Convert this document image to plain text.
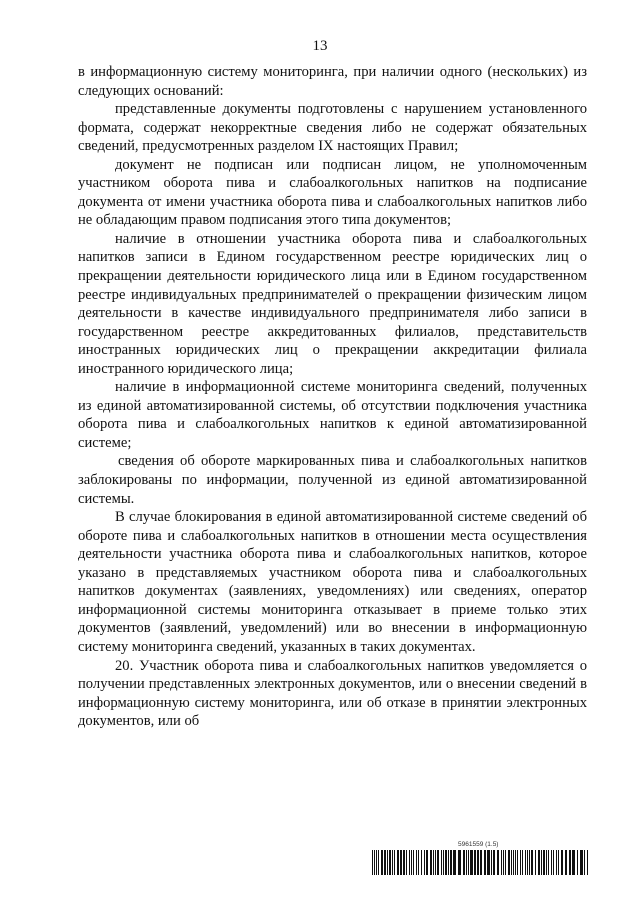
13

в информационную систему мониторинга, при наличии одного (нескольких) из следующих оснований:

представленные документы подготовлены с нарушением установленного формата, содержат некорректные сведения либо не содержат обязательных сведений, предусмотренных разделом IX настоящих Правил;

документ не подписан или подписан лицом, не уполномоченным участником оборота пива и слабоалкогольных напитков на подписание документа от имени участника оборота пива и слабоалкогольных напитков либо не обладающим правом подписания этого типа документов;

наличие в отношении участника оборота пива и слабоалкогольных напитков записи в Едином государственном реестре юридических лиц о прекращении деятельности юридического лица или в Едином государственном реестре индивидуальных предпринимателей о прекращении физическим лицом деятельности в качестве индивидуального предпринимателя либо записи в государственном реестре аккредитованных филиалов, представительств иностранных юридических лиц о прекращении аккредитации филиала иностранного юридического лица;

наличие в информационной системе мониторинга сведений, полученных из единой автоматизированной системы, об отсутствии подключения участника оборота пива и слабоалкогольных напитков к единой автоматизированной системе;

сведения об обороте маркированных пива и слабоалкогольных напитков заблокированы по информации, полученной из единой автоматизированной системы.

В случае блокирования в единой автоматизированной системе сведений об обороте пива и слабоалкогольных напитков в отношении места осуществления деятельности участника оборота пива и слабоалкогольных напитков, которое указано в представляемых участником оборота пива и слабоалкогольных напитков документах (заявлениях, уведомлениях) или сведениях, оператор информационной системы мониторинга отказывает в приеме только этих документов (заявлений, уведомлений) или во внесении в информационную систему мониторинга сведений, указанных в таких документах.

20. Участник оборота пива и слабоалкогольных напитков уведомляется о получении представленных электронных документов, или о внесении сведений в информационную систему мониторинга, или об отказе в принятии электронных документов, или об

5961559 (1.5)
